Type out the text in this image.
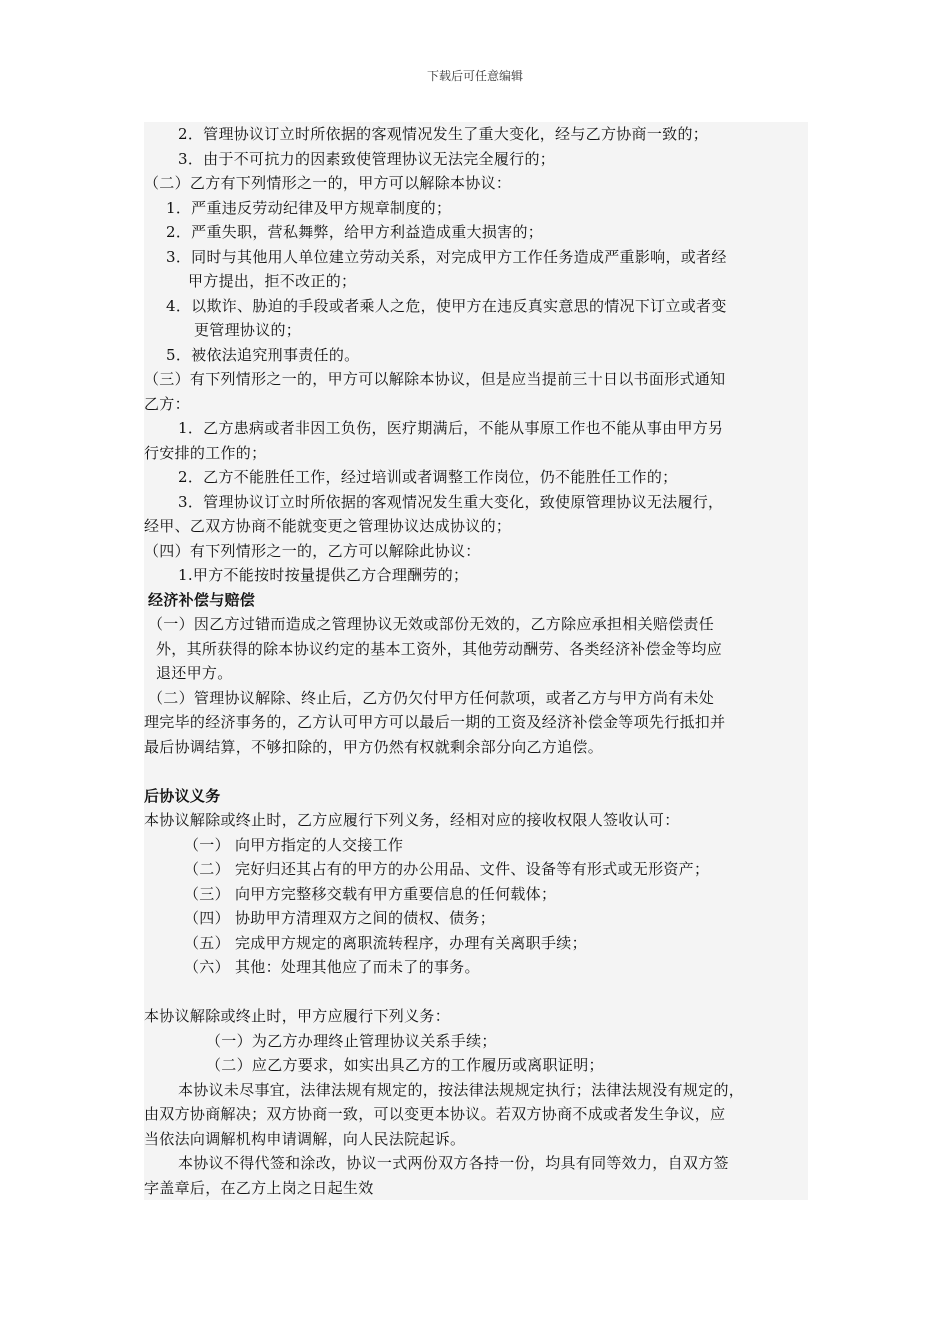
下载后可任意编辑
2．管理协议订立时所依据的客观情况发生了重大变化，经与乙方协商一致的；
3．由于不可抗力的因素致使管理协议无法完全履行的；
（二）乙方有下列情形之一的，甲方可以解除本协议：
1．严重违反劳动纪律及甲方规章制度的；
2．严重失职，营私舞弊，给甲方利益造成重大损害的；
3．同时与其他用人单位建立劳动关系，对完成甲方工作任务造成严重影响，或者经
甲方提出，拒不改正的；
4．以欺诈、胁迫的手段或者乘人之危，使甲方在违反真实意思的情况下订立或者变
更管理协议的；
5．被依法追究刑事责任的。
（三）有下列情形之一的，甲方可以解除本协议，但是应当提前三十日以书面形式通知
乙方：
1．乙方患病或者非因工负伤，医疗期满后，不能从事原工作也不能从事由甲方另
行安排的工作的；
2．乙方不能胜任工作，经过培训或者调整工作岗位，仍不能胜任工作的；
3．管理协议订立时所依据的客观情况发生重大变化，致使原管理协议无法履行，
经甲、乙双方协商不能就变更之管理协议达成协议的；
（四）有下列情形之一的，乙方可以解除此协议：
1.甲方不能按时按量提供乙方合理酬劳的；
经济补偿与赔偿
（一）因乙方过错而造成之管理协议无效或部份无效的，乙方除应承担相关赔偿责任
外，其所获得的除本协议约定的基本工资外，其他劳动酬劳、各类经济补偿金等均应
退还甲方。
（二）管理协议解除、终止后，乙方仍欠付甲方任何款项，或者乙方与甲方尚有未处
理完毕的经济事务的，乙方认可甲方可以最后一期的工资及经济补偿金等项先行抵扣并
最后协调结算，不够扣除的，甲方仍然有权就剩余部分向乙方追偿。
后协议义务
本协议解除或终止时，乙方应履行下列义务，经相对应的接收权限人签收认可：
（一） 向甲方指定的人交接工作
（二） 完好归还其占有的甲方的办公用品、文件、设备等有形式或无形资产；
（三） 向甲方完整移交载有甲方重要信息的任何载体；
（四） 协助甲方清理双方之间的债权、债务；
（五） 完成甲方规定的离职流转程序，办理有关离职手续；
（六） 其他：处理其他应了而未了的事务。
本协议解除或终止时，甲方应履行下列义务：
（一）为乙方办理终止管理协议关系手续；
（二）应乙方要求，如实出具乙方的工作履历或离职证明；
本协议未尽事宜，法律法规有规定的，按法律法规规定执行；法律法规没有规定的，
由双方协商解决；双方协商一致，可以变更本协议。若双方协商不成或者发生争议，应
当依法向调解机构申请调解，向人民法院起诉。
本协议不得代签和涂改，协议一式两份双方各持一份，均具有同等效力，自双方签
字盖章后，在乙方上岗之日起生效
